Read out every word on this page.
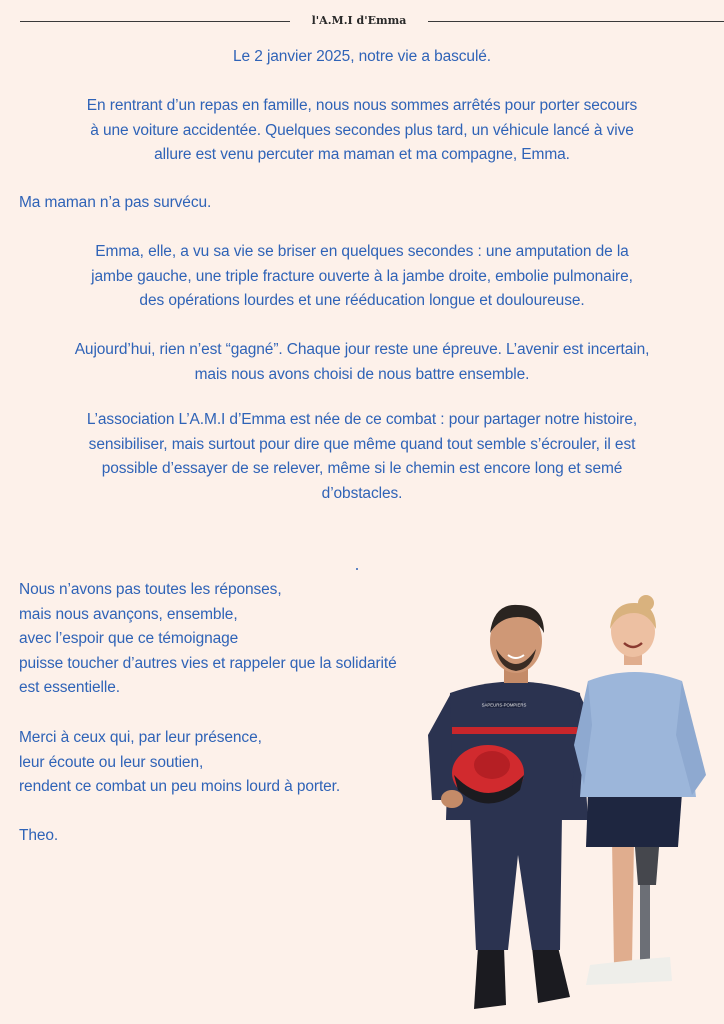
l'A.M.I d'Emma

Le 2 janvier 2025, notre vie a basculé.

En rentrant d’un repas en famille, nous nous sommes arrêtés pour porter secours
à une voiture accidentée. Quelques secondes plus tard, un véhicule lancé à vive
allure est venu percuter ma maman et ma compagne, Emma.

Ma maman n’a pas survécu.

Emma, elle, a vu sa vie se briser en quelques secondes : une amputation de la
jambe gauche, une triple fracture ouverte à la jambe droite, embolie pulmonaire,
des opérations lourdes et une rééducation longue et douloureuse.

Aujourd’hui, rien n’est “gagné”. Chaque jour reste une épreuve. L’avenir est incertain,
mais nous avons choisi de nous battre ensemble.

L’association L’A.M.I d’Emma est née de ce combat : pour partager notre histoire,
sensibiliser, mais surtout pour dire que même quand tout semble s’écrouler, il est
possible d’essayer de se relever, même si le chemin est encore long et semé
d’obstacles.

Nous n’avons pas toutes les réponses,
mais nous avançons, ensemble,
avec l’espoir que ce témoignage
puisse toucher d’autres vies et rappeler que la solidarité
est essentielle.

Merci à ceux qui, par leur présence,
leur écoute ou leur soutien,
rendent ce combat un peu moins lourd à porter.

Theo.

SAPEURS-POMPIERS
